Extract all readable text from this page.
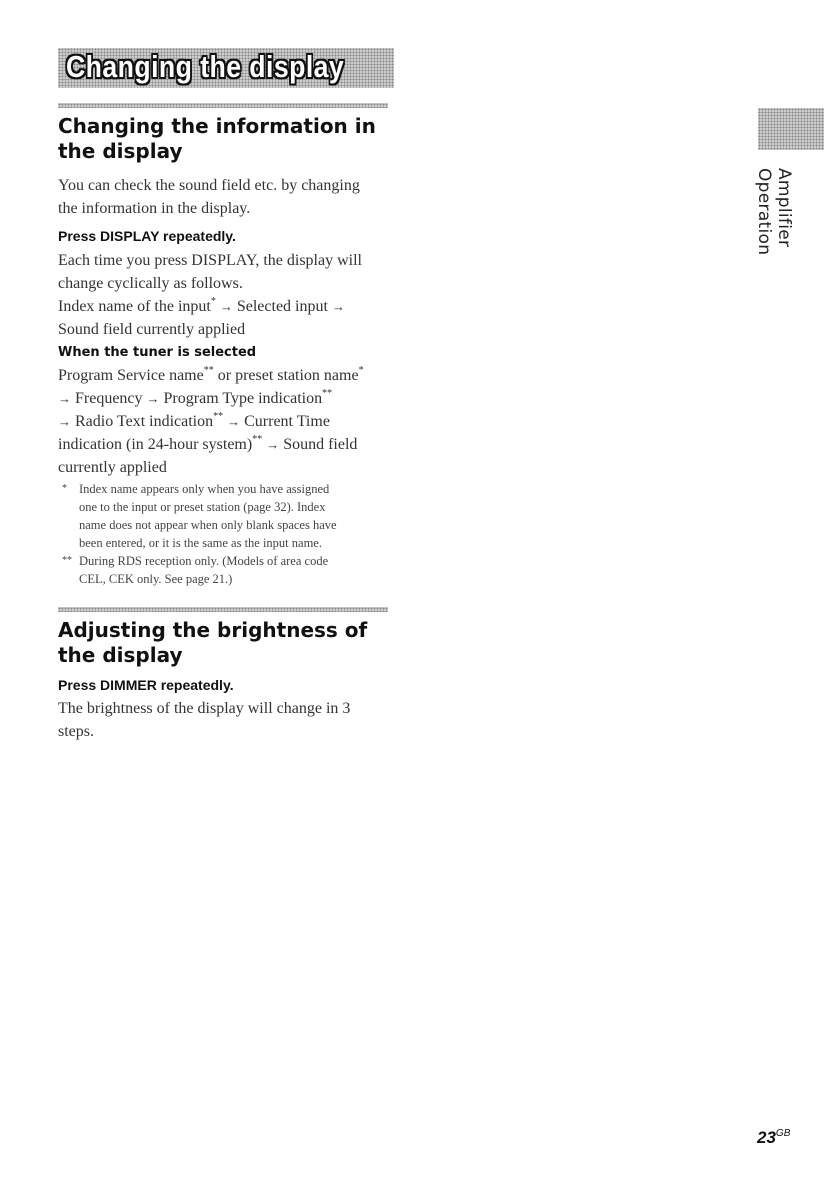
Changing the display

Changing the information in

the display

You can check the sound field etc. by changing

the information in the display.

Press DISPLAY repeatedly.

Each time you press DISPLAY, the display will

change cyclically as follows.

Index name of the input* → Selected input →

Sound field currently applied

When the tuner is selected

Program Service name** or preset station name*

→ Frequency → Program Type indication**

→ Radio Text indication** → Current Time

indication (in 24-hour system)** → Sound field

currently applied

* Index name appears only when you have assigned
one to the input or preset station (page 32). Index
name does not appear when only blank spaces have
been entered, or it is the same as the input name.

** During RDS reception only. (Models of area code
CEL, CEK only. See page 21.)

Adjusting the brightness of

the display

Press DIMMER repeatedly.

The brightness of the display will change in 3

steps.

Amplifier Operation
$23^{GB}$
